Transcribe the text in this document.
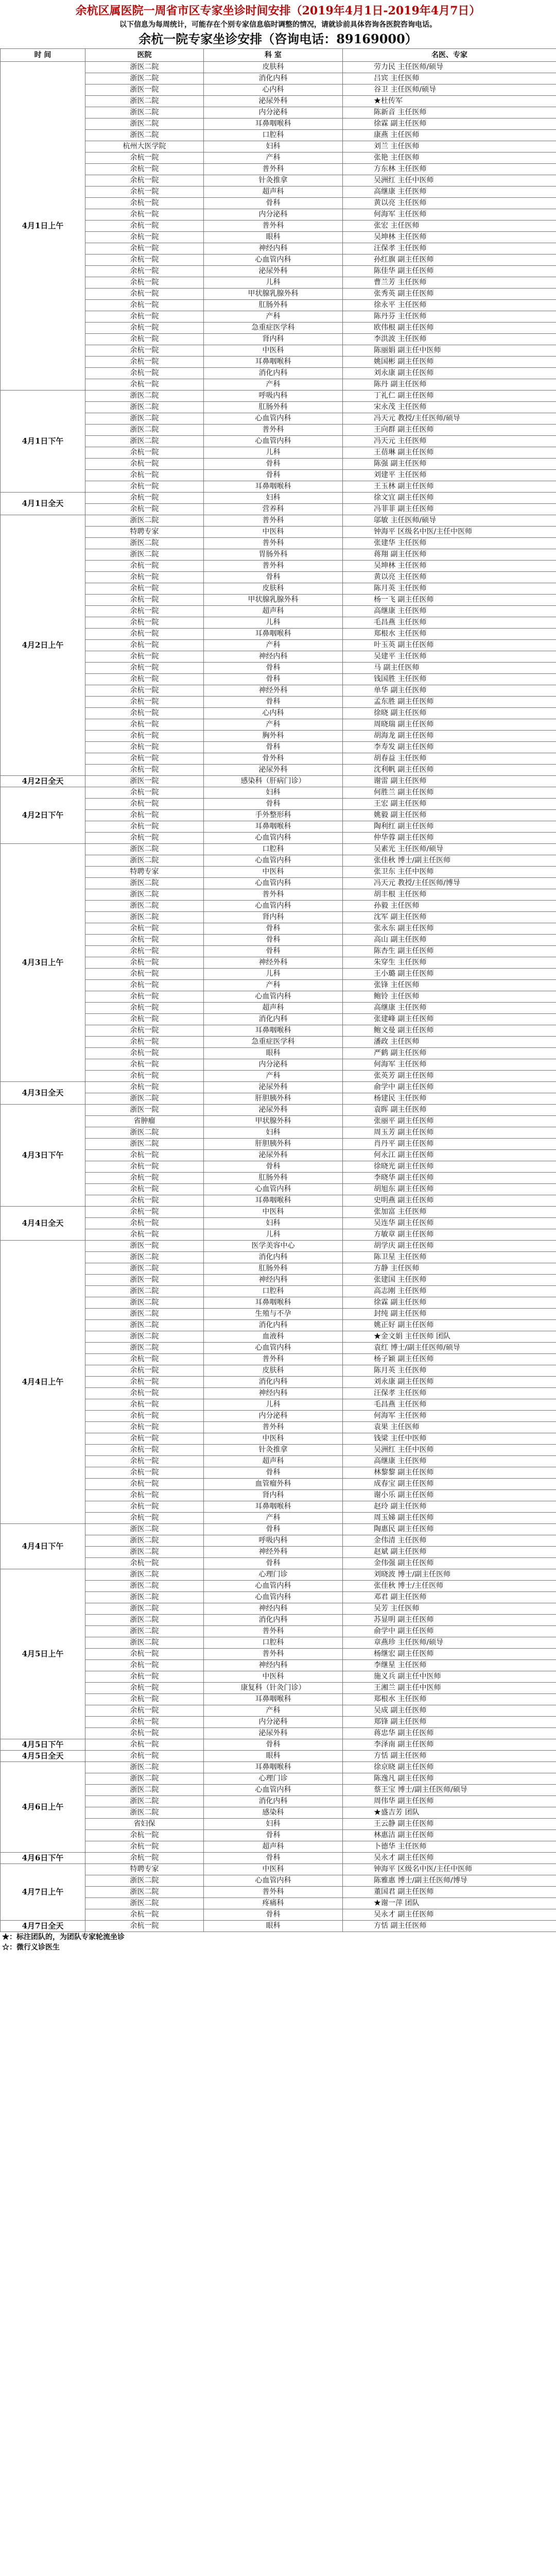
余杭区属医院一周省市区专家坐诊时间安排（2019年4月1日-2019年4月7日）
以下信息为每周统计，可能存在个别专家信息临时调整的情况，请就诊前具体咨询各医院咨询电话。
余杭一院专家坐诊安排（咨询电话：89169000）
时 间	医院	科 室	名医、专家
4月1日上午	浙医二院	皮肤科	劳力民 主任医师/硕导
	浙医二院	消化内科	吕宾 主任医师
	浙医一院	心内科	谷卫 主任医师/硕导
	浙医二院	泌尿外科	★杜传军
	浙医二院	内分泌科	陈新音 主任医师
	浙医二院	耳鼻咽喉科	徐霖 副主任医师
	浙医二院	口腔科	康燕 主任医师
	杭州大医学院	妇科	刘兰 主任医师
	余杭一院	产科	张艳 主任医师
	余杭一院	普外科	方东林 主任医师
	余杭一院	针灸推拿	吴洲红 主任中医师
	余杭一院	超声科	高继康 主任医师
	余杭一院	骨科	黄以亮 主任医师
	余杭一院	内分泌科	何海军 主任医师
	余杭一院	普外科	张宏 主任医师
	余杭一院	眼科	吴坤林 主任医师
	余杭一院	神经内科	汪保孝 主任医师
	余杭一院	心血管内科	孙红旗 副主任医师
	余杭一院	泌尿外科	陈佳华 副主任医师
	余杭一院	儿科	曹兰芳 主任医师
	余杭一院	甲状腺乳腺外科	张秀英 副主任医师
	余杭一院	肛肠外科	徐永平 主任医师
	余杭一院	产科	陈丹芬 主任医师
	余杭一院	急重症医学科	欧伟根 副主任医师
	余杭一院	肾内科	李洪波 主任医师
	余杭一院	中医科	陈丽娟 副主任中医师
	余杭一院	耳鼻咽喉科	姚国彬 副主任医师
	余杭一院	消化内科	刘永康 副主任医师
	余杭一院	产科	陈丹 副主任医师
4月1日下午	浙医二院	呼吸内科	丁礼仁 副主任医师
	浙医二院	肛肠外科	宋永茂 主任医师
	浙医二院	心血管内科	冯天元 教授/主任医师/硕导
	浙医二院	普外科	王向群 副主任医师
	浙医二院	心血管内科	冯天元 主任医师
	余杭一院	儿科	王蓓琳 副主任医师
	余杭一院	骨科	陈强 副主任医师
	余杭一院	骨科	刘建平 主任医师
	余杭一院	耳鼻咽喉科	王玉林 副主任医师
4月1日全天	余杭一院	妇科	徐文宜 副主任医师
	余杭一院	营养科	冯菲菲 副主任医师
4月2日上午	浙医二院	普外科	邬敏 主任医师/硕导
	特聘专家	中医科	钟海平 区级名中医/主任中医师
	浙医二院	普外科	张建华 主任医师
	浙医二院	胃肠外科	蒋翔 副主任医师
	余杭一院	普外科	吴坤林 主任医师
	余杭一院	骨科	黄以亮 主任医师
	余杭一院	皮肤科	陈月英 主任医师
	余杭一院	甲状腺乳腺外科	杨一飞 副主任医师
	余杭一院	超声科	高继康 主任医师
	余杭一院	儿科	毛昌燕 主任医师
	余杭一院	耳鼻咽喉科	郑根水 主任医师
	余杭一院	产科	叶玉英 副主任医师
	余杭一院	神经内科	吴建平 主任医师
	余杭一院	骨科	马 副主任医师
	余杭一院	骨科	钱国胜 主任医师
	余杭一院	神经外科	单华 副主任医师
	余杭一院	骨科	孟东胜 副主任医师
	余杭一院	心内科	徐晓 副主任医师
	余杭一院	产科	周晓瑞 副主任医师
	余杭一院	胸外科	胡海龙 副主任医师
	余杭一院	骨科	李寿发 副主任医师
	余杭一院	骨外科	胡春益 主任医师
	余杭一院	泌尿外科	沈利帆 副主任医师
4月2日全天	浙医一院	感染科（肝病门诊）	谢雷 副主任医师
4月2日下午	余杭一院	妇科	何胜兰 副主任医师
	余杭一院	骨科	王宏 副主任医师
	余杭一院	手外整形科	姚毅 副主任医师
	余杭一院	耳鼻咽喉科	陶利红 副主任医师
	余杭一院	心血管内科	仲华蓉 副主任医师
4月3日上午	浙医二院	口腔科	吴素光 主任医师/硕导
	浙医二院	心血管内科	张佳秋 博士/副主任医师
	特聘专家	中医科	张卫东 主任中医师
	浙医二院	心血管内科	冯天元 教授/主任医师/博导
	浙医二院	普外科	胡丰根 主任医师
	浙医二院	心血管内科	孙毅 主任医师
	浙医二院	肾内科	沈军 副主任医师
	余杭一院	骨科	张永东 副主任医师
	余杭一院	骨科	高山 副主任医师
	余杭一院	骨科	陈杏生 副主任医师
	余杭一院	神经外科	朱穿生 主任医师
	余杭一院	儿科	王小璐 副主任医师
	余杭一院	产科	张锋 主任医师
	余杭一院	心血管内科	鲍铃 主任医师
	余杭一院	超声科	高继康 主任医师
	余杭一院	消化内科	张建峰 副主任医师
	余杭一院	耳鼻咽喉科	鲍文曼 副主任医师
	余杭一院	急重症医学科	潘政 主任医师
	余杭一院	眼科	严鹤 副主任医师
	余杭一院	内分泌科	何海军 主任医师
	余杭一院	产科	张英芳 副主任医师
4月3日全天	余杭一院	泌尿外科	俞学中 副主任医师
	浙医二院	肝胆胰外科	杨建民 主任医师
4月3日下午	浙医一院	泌尿外科	袁晖 副主任医师
	省肿瘤	甲状腺外科	张丽平 副主任医师
	浙医二院	妇科	周玉芳 副主任医师
	浙医二院	肝胆胰外科	肖丹平 副主任医师
	余杭一院	泌尿外科	何永江 副主任医师
	余杭一院	骨科	徐晓光 副主任医师
	余杭一院	肛肠外科	李晓华 副主任医师
	余杭一院	心血管内科	胡旭东 副主任医师
	余杭一院	耳鼻咽喉科	史明燕 副主任医师
4月4日全天	余杭一院	中医科	张加富 主任医师
	余杭一院	妇科	吴连华 副主任医师
	余杭一院	儿科	方敏章 副主任医师
4月4日上午	浙医一院	医学美容中心	胡学庆 副主任医师
	浙医二院	消化内科	陈卫星 主任医师
	浙医二院	肛肠外科	方静 主任医师
	浙医一院	神经内科	张建国 主任医师
	浙医二院	口腔科	高志刚 主任医师
	浙医二院	耳鼻咽喉科	徐霖 副主任医师
	浙医二院	生殖与不孕	封纯 副主任医师
	浙医二院	消化内科	姚正好 副主任医师
	浙医二院	血液科	★金文娟 主任医师 团队
	浙医二院	心血管内科	袁红 博士/副主任医师/硕导
	余杭一院	普外科	杨子颖 副主任医师
	余杭一院	皮肤科	陈月英 主任医师
	余杭一院	消化内科	刘永康 副主任医师
	余杭一院	神经内科	汪保孝 主任医师
	余杭一院	儿科	毛昌燕 主任医师
	余杭一院	内分泌科	何海军 主任医师
	余杭一院	普外科	袁果 主任医师
	余杭一院	中医科	钱梁 主任中医师
	余杭一院	针灸推拿	吴洲红 主任中医师
	余杭一院	超声科	高继康 主任医师
	余杭一院	骨科	林黎黎 副主任医师
	余杭一院	血管瘤外科	成春宝 副主任医师
	余杭一院	肾内科	谢小乐 副主任医师
	余杭一院	耳鼻咽喉科	赵玲 副主任医师
	余杭一院	产科	周玉娣 副主任医师
4月4日下午	浙医二院	骨科	陶惠民 副主任医师
	浙医二院	呼吸内科	金伟清 主任医师
	浙医二院	神经外科	赵斌 副主任医师
	余杭一院	骨科	金伟强 副主任医师
4月5日上午	浙医二院	心理门诊	刘晓波 博士/副主任医师
	浙医二院	心血管内科	张佳秋 博士/主任医师
	浙医二院	心血管内科	邓君 副主任医师
	浙医二院	神经内科	吴芳 主任医师
	浙医二院	消化内科	苏显明 副主任医师
	浙医二院	普外科	俞学中 副主任医师
	浙医二院	口腔科	章燕珍 主任医师/硕导
	余杭一院	普外科	杨继宏 副主任医师
	余杭一院	神经内科	李继星 主任医师
	余杭一院	中医科	施义兵 副主任中医师
	余杭一院	康复科（针灸门诊）	王湘兰 副主任中医师
	余杭一院	耳鼻咽喉科	郑根水 主任医师
	余杭一院	产科	吴成 副主任医师
	余杭一院	内分泌科	郑锋 副主任医师
	余杭一院	泌尿外科	蒋忠华 副主任医师
4月5日下午	余杭一院	骨科	李泽南 副主任医师
4月5日全天	余杭一院	眼科	方恬 副主任医师
4月6日上午	浙医二院	耳鼻咽喉科	徐京晓 副主任医师
	浙医二院	心理门诊	陈逸凡 副主任医师
	浙医二院	心血管内科	蔡王宝 博士/副主任医师/硕导
	浙医二院	消化内科	周伟华 副主任医师
	浙医二院	感染科	★盛吉芳 团队
	省妇保	妇科	王云静 副主任医师
	余杭一院	骨科	林惠洁 副主任医师
	余杭一院	超声科	卜德华 主任医师
4月6日下午	余杭一院	骨科	吴永才 副主任医师
4月7日上午	特聘专家	中医科	钟海平 区级名中医/主任中医师
	浙医二院	心血管内科	陈雅惠 博士/副主任医师/博导
	浙医二院	普外科	董国君 副主任医师
	浙医二院	疼痛科	★谢一萍 团队
	余杭一院	骨科	吴永才 副主任医师
4月7日全天	余杭一院	眼科	方恬 副主任医师
★：标注团队的，为团队专家轮流坐诊
☆：微行义诊医生
